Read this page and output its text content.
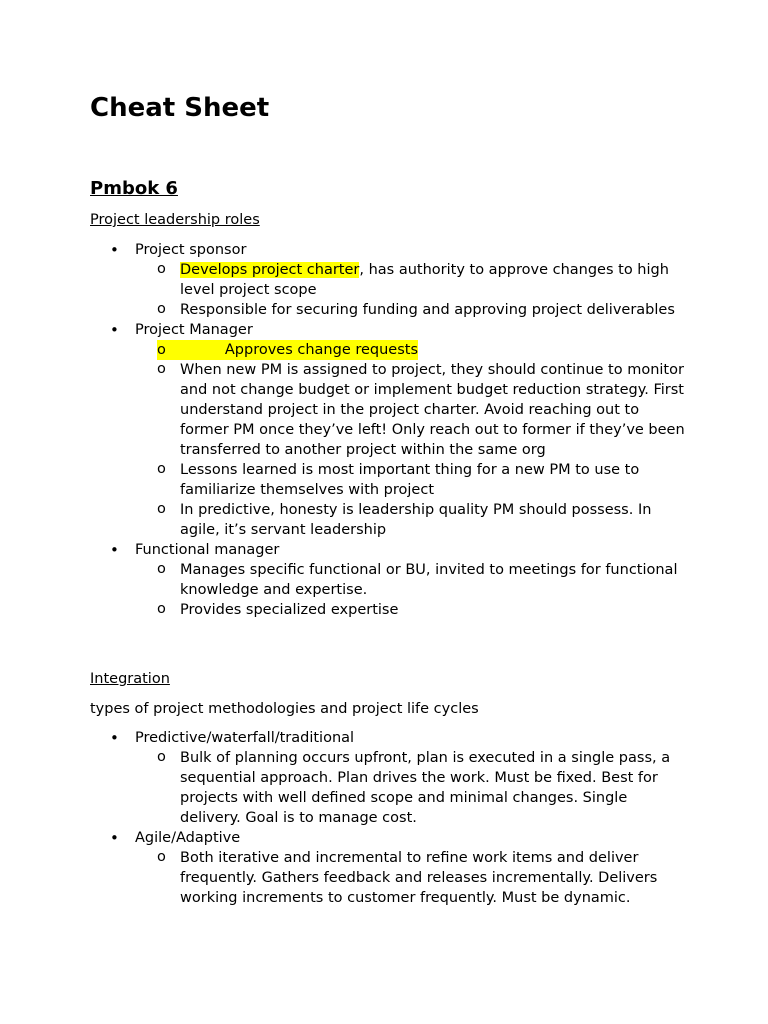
Cheat Sheet
Pmbok 6

Project leadership roles

• Project sponsor
o Develops project charter, has authority to approve changes to high level project scope
o Responsible for securing funding and approving project deliverables
• Project Manager
o	Approves change requests
o When new PM is assigned to project, they should continue to monitor and not change budget or implement budget reduction strategy. First understand project in the project charter. Avoid reaching out to former PM once they’ve left! Only reach out to former if they’ve been transferred to another project within the same org
o Lessons learned is most important thing for a new PM to use to familiarize themselves with project
o In predictive, honesty is leadership quality PM should possess. In agile, it’s servant leadership
• Functional manager
o Manages specific functional or BU, invited to meetings for functional knowledge and expertise.
o Provides specialized expertise

Integration

types of project methodologies and project life cycles

• Predictive/waterfall/traditional
o Bulk of planning occurs upfront, plan is executed in a single pass, a sequential approach. Plan drives the work. Must be fixed. Best for projects with well defined scope and minimal changes. Single delivery. Goal is to manage cost.
• Agile/Adaptive
o Both iterative and incremental to refine work items and deliver frequently. Gathers feedback and releases incrementally. Delivers working increments to customer frequently. Must be dynamic.
